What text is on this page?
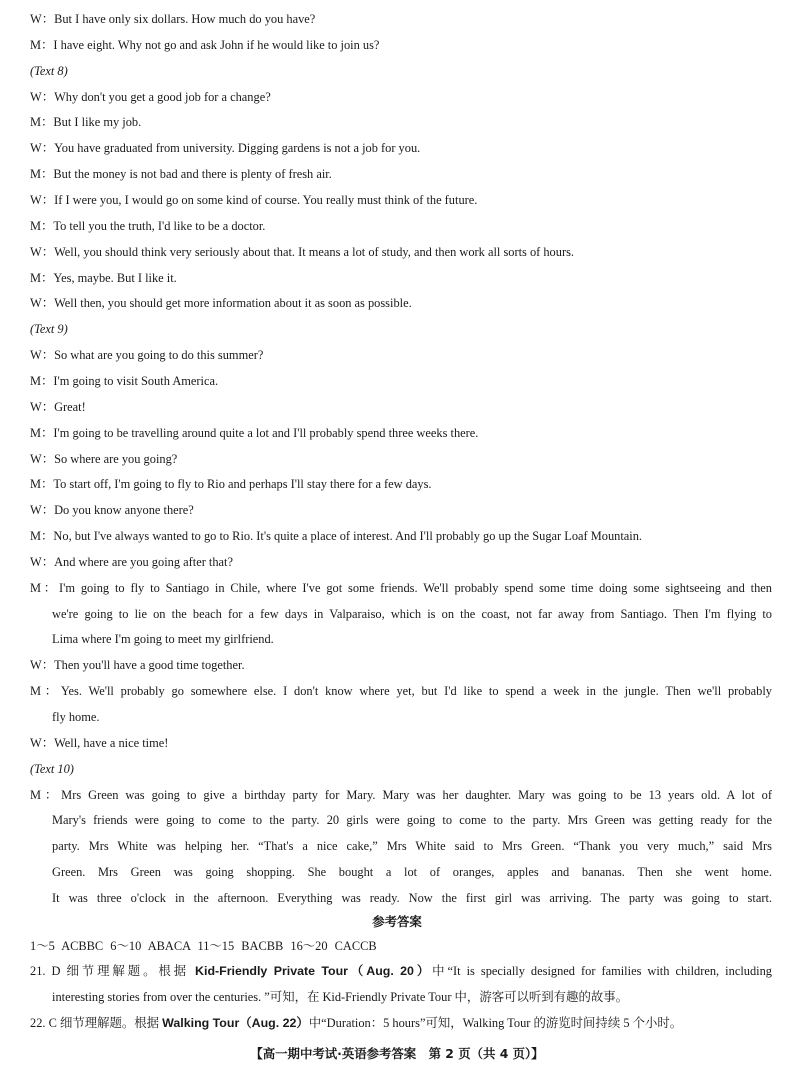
W：But I have only six dollars. How much do you have?
M：I have eight. Why not go and ask John if he would like to join us?
(Text 8)
W：Why don't you get a good job for a change?
M：But I like my job.
W：You have graduated from university. Digging gardens is not a job for you.
M：But the money is not bad and there is plenty of fresh air.
W：If I were you, I would go on some kind of course. You really must think of the future.
M：To tell you the truth, I'd like to be a doctor.
W：Well, you should think very seriously about that. It means a lot of study, and then work all sorts of hours.
M：Yes, maybe. But I like it.
W：Well then, you should get more information about it as soon as possible.
(Text 9)
W：So what are you going to do this summer?
M：I'm going to visit South America.
W：Great!
M：I'm going to be travelling around quite a lot and I'll probably spend three weeks there.
W：So where are you going?
M：To start off, I'm going to fly to Rio and perhaps I'll stay there for a few days.
W：Do you know anyone there?
M：No, but I've always wanted to go to Rio. It's quite a place of interest. And I'll probably go up the Sugar Loaf Mountain.
W：And where are you going after that?
M：I'm going to fly to Santiago in Chile, where I've got some friends. We'll probably spend some time doing some sightseeing and then
we're going to lie on the beach for a few days in Valparaiso, which is on the coast, not far away from Santiago. Then I'm flying to
Lima where I'm going to meet my girlfriend.
W：Then you'll have a good time together.
M：Yes. We'll probably go somewhere else. I don't know where yet, but I'd like to spend a week in the jungle. Then we'll probably
fly home.
W：Well, have a nice time!
(Text 10)
M：Mrs Green was going to give a birthday party for Mary. Mary was her daughter. Mary was going to be 13 years old. A lot of
Mary's friends were going to come to the party. 20 girls were going to come to the party. Mrs Green was getting ready for the
party. Mrs White was helping her. “That's a nice cake,” Mrs White said to Mrs Green. “Thank you very much,” said Mrs
Green. Mrs Green was going shopping. She bought a lot of oranges, apples and bananas. Then she went home.
It was three o'clock in the afternoon. Everything was ready. Now the first girl was arriving. The party was going to start.
参考答案
1～5 ACBBC 6～10 ABACA 11～15 BACBB 16～20 CACCB
21. D 细节理解题。根据 Kid-Friendly Private Tour（Aug. 20）中“It is specially designed for families with children, including
interesting stories from over the centuries. ”可知，在 Kid-Friendly Private Tour 中，游客可以听到有趣的故事。
22. C 细节理解题。根据 Walking Tour（Aug. 22）中“Duration：5 hours”可知，Walking Tour 的游览时间持续 5 个小时。
【高一期中考试·英语参考答案　第 2 页（共 4 页）】
